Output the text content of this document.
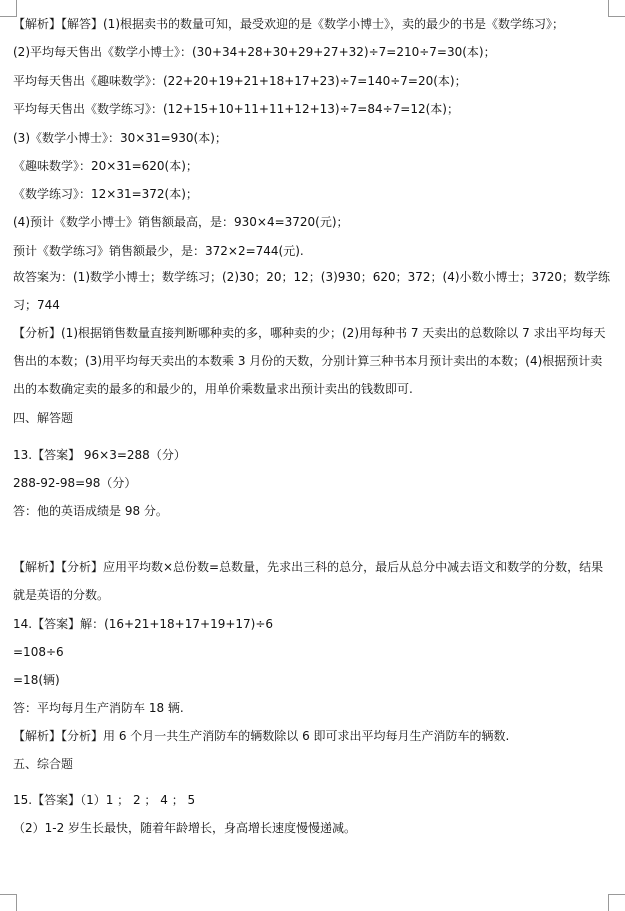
【解析】【解答】(1)根据卖书的数量可知，最受欢迎的是《数学小博士》，卖的最少的书是《数学练习》；
(2)平均每天售出《数学小博士》：(30+34+28+30+29+27+32)÷7=210÷7=30(本)；
平均每天售出《趣味数学》：(22+20+19+21+18+17+23)÷7=140÷7=20(本)；
平均每天售出《数学练习》：(12+15+10+11+11+12+13)÷7=84÷7=12(本)；
(3)《数学小博士》：30×31=930(本)；
《趣味数学》：20×31=620(本)；
《数学练习》：12×31=372(本)；
(4)预计《数学小博士》销售额最高，是：930×4=3720(元)；
预计《数学练习》销售额最少，是：372×2=744(元).
故答案为：(1)数学小博士；数学练习；(2)30；20；12；(3)930；620；372；(4)小数小博士；3720；数学练习；744
【分析】(1)根据销售数量直接判断哪种卖的多，哪种卖的少；(2)用每种书 7 天卖出的总数除以 7 求出平均每天售出的本数；(3)用平均每天卖出的本数乘 3 月份的天数，分别计算三种书本月预计卖出的本数；(4)根据预计卖出的本数确定卖的最多的和最少的，用单价乘数量求出预计卖出的钱数即可.
四、解答题
13.【答案】 96×3=288（分）
288-92-98=98（分）
答：他的英语成绩是 98 分。
【解析】【分析】应用平均数×总份数=总数量，先求出三科的总分，最后从总分中减去语文和数学的分数，结果就是英语的分数。
14.【答案】解：(16+21+18+17+19+17)÷6
=108÷6
=18(辆)
答：平均每月生产消防车 18 辆.
【解析】【分析】用 6 个月一共生产消防车的辆数除以 6 即可求出平均每月生产消防车的辆数.
五、综合题
15.【答案】（1）1 ； 2 ； 4 ； 5
（2）1-2 岁生长最快，随着年龄增长，身高增长速度慢慢递减。
